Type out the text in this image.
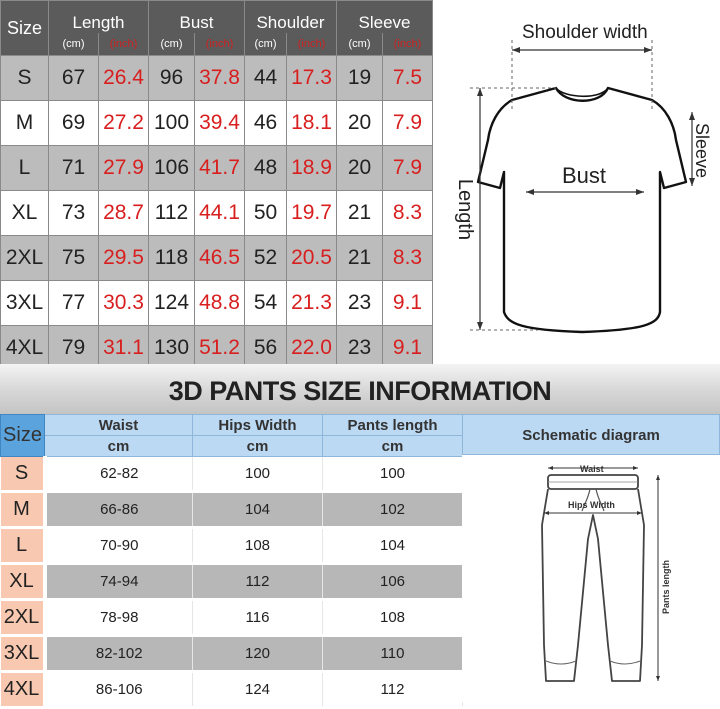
Size	Length		Bust		Shoulder		Sleeve	
	(cm)	(inch)	(cm)	(inch)	(cm)	(inch)	(cm)	(inch)
S	67	26.4	96	37.8	44	17.3	19	7.5
M	69	27.2	100	39.4	46	18.1	20	7.9
L	71	27.9	106	41.7	48	18.9	20	7.9
XL	73	28.7	112	44.1	50	19.7	21	8.3
2XL	75	29.5	118	46.5	52	20.5	21	8.3
3XL	77	30.3	124	48.8	54	21.3	23	9.1
4XL	79	31.1	130	51.2	56	22.0	23	9.1
Shoulder width
Bust
Length
Sleeve
3D PANTS SIZE INFORMATION
Size	Waist	Hips Width	Pants length
	cm	cm	cm
S	62-82	100	100
M	66-86	104	102
L	70-90	108	104
XL	74-94	112	106
2XL	78-98	116	108
3XL	82-102	120	110
4XL	86-106	124	112
Schematic diagram
Waist
Hips Width
Pants length
